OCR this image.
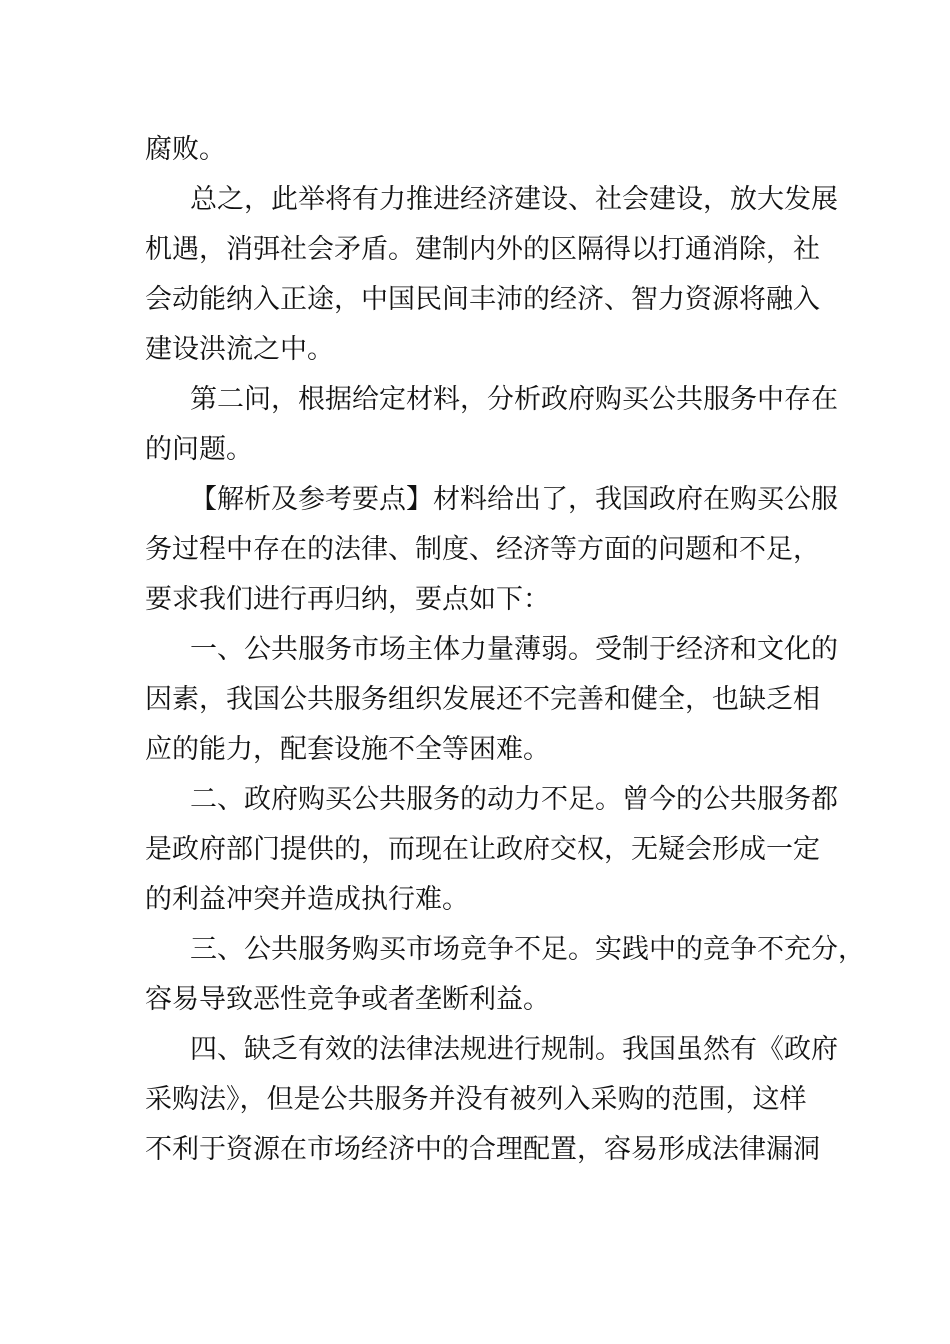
腐败。
总之，此举将有力推进经济建设、社会建设，放大发展
机遇，消弭社会矛盾。建制内外的区隔得以打通消除，社
会动能纳入正途，中国民间丰沛的经济、智力资源将融入
建设洪流之中。
第二问，根据给定材料，分析政府购买公共服务中存在
的问题。
【解析及参考要点】材料给出了，我国政府在购买公服
务过程中存在的法律、制度、经济等方面的问题和不足，
要求我们进行再归纳，要点如下：
一、公共服务市场主体力量薄弱。受制于经济和文化的
因素，我国公共服务组织发展还不完善和健全，也缺乏相
应的能力，配套设施不全等困难。
二、政府购买公共服务的动力不足。曾今的公共服务都
是政府部门提供的，而现在让政府交权，无疑会形成一定
的利益冲突并造成执行难。
三、公共服务购买市场竞争不足。实践中的竞争不充分，
容易导致恶性竞争或者垄断利益。
四、缺乏有效的法律法规进行规制。我国虽然有《政府
采购法》，但是公共服务并没有被列入采购的范围，这样
不利于资源在市场经济中的合理配置，容易形成法律漏洞
